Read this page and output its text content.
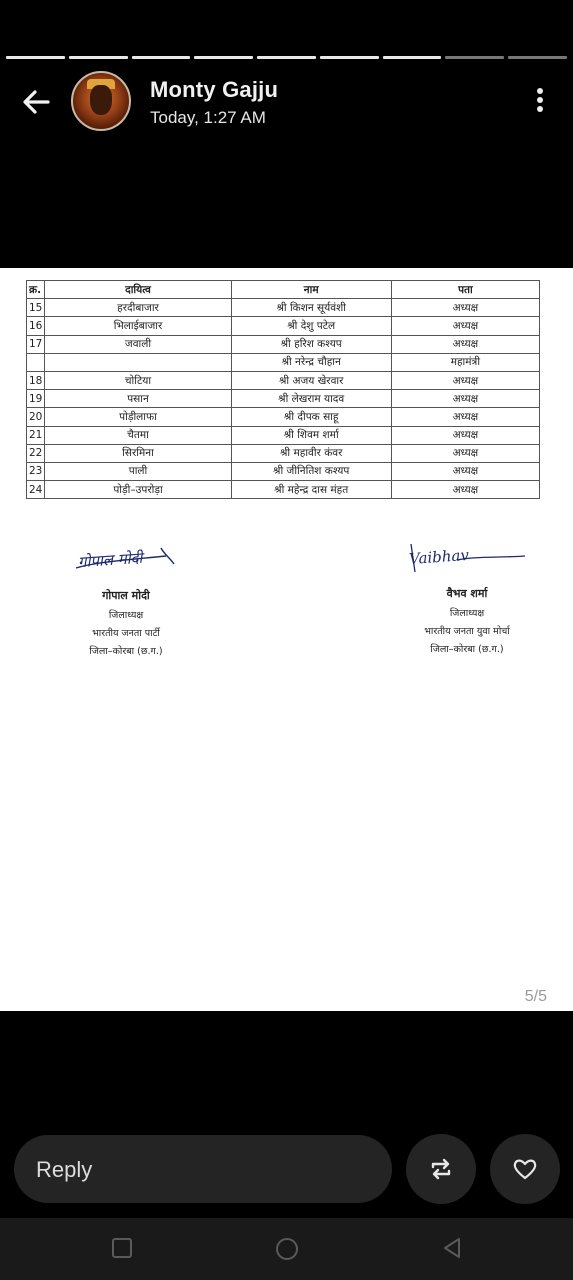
Monty Gajju
Today, 1:27 AM
क्र.	दायित्व	नाम	पता
15	हरदीबाजार	श्री किशन सूर्यवंशी	अध्यक्ष
16	भिलाईबाजार	श्री देशु पटेल	अध्यक्ष
17	जवाली	श्री हरिश कश्यप	अध्यक्ष
		श्री नरेन्द्र चौहान	महामंत्री
18	चोटिया	श्री अजय खेरवार	अध्यक्ष
19	पसान	श्री लेखराम यादव	अध्यक्ष
20	पोड़ीलाफा	श्री दीपक साहू	अध्यक्ष
21	चैतमा	श्री शिवम शर्मा	अध्यक्ष
22	सिरमिना	श्री महावीर कंवर	अध्यक्ष
23	पाली	श्री जीनितिश कश्यप	अध्यक्ष
24	पोड़ी–उपरोड़ा	श्री महेन्द्र दास मंहत	अध्यक्ष
गोपाल मोदी
गोपाल मोदी
जिलाध्यक्ष
भारतीय जनता पार्टी
जिला–कोरबा (छ.ग.)
Vaibhav
वैभव शर्मा
जिलाध्यक्ष
भारतीय जनता युवा मोर्चा
जिला–कोरबा (छ.ग.)
5/5
Reply
